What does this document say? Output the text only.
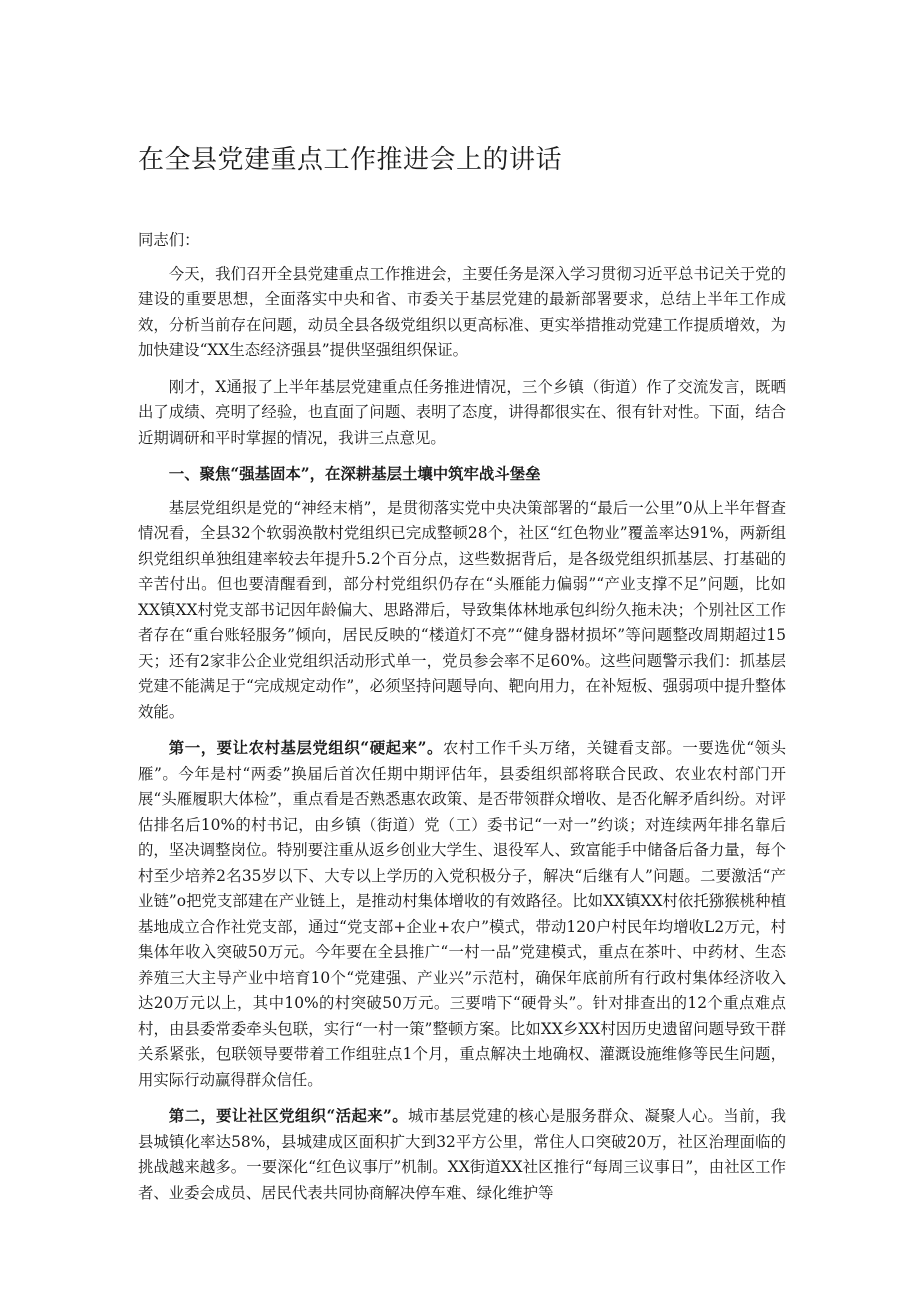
在全县党建重点工作推进会上的讲话

同志们：

今天，我们召开全县党建重点工作推进会，主要任务是深入学习贯彻习近平总书记关于党的建设的重要思想，全面落实中央和省、市委关于基层党建的最新部署要求，总结上半年工作成效，分析当前存在问题，动员全县各级党组织以更高标准、更实举措推动党建工作提质增效，为加快建设“XX生态经济强县”提供坚强组织保证。

刚才，X通报了上半年基层党建重点任务推进情况，三个乡镇（街道）作了交流发言，既晒出了成绩、亮明了经验，也直面了问题、表明了态度，讲得都很实在、很有针对性。下面，结合近期调研和平时掌握的情况，我讲三点意见。

一、聚焦“强基固本”，在深耕基层土壤中筑牢战斗堡垒

基层党组织是党的“神经末梢”，是贯彻落实党中央决策部署的“最后一公里”0从上半年督查情况看，全县32个软弱涣散村党组织已完成整顿28个，社区“红色物业”覆盖率达91%，两新组织党组织单独组建率较去年提升5.2个百分点，这些数据背后，是各级党组织抓基层、打基础的辛苦付出。但也要清醒看到，部分村党组织仍存在“头雁能力偏弱”“产业支撑不足”问题，比如XX镇XX村党支部书记因年龄偏大、思路滞后，导致集体林地承包纠纷久拖未决；个别社区工作者存在“重台账轻服务”倾向，居民反映的“楼道灯不亮”“健身器材损坏”等问题整改周期超过15天；还有2家非公企业党组织活动形式单一，党员参会率不足60%。这些问题警示我们：抓基层党建不能满足于“完成规定动作”，必须坚持问题导向、靶向用力，在补短板、强弱项中提升整体效能。

第一，要让农村基层党组织“硬起来”。农村工作千头万绪，关键看支部。一要选优“领头雁”。今年是村“两委”换届后首次任期中期评估年，县委组织部将联合民政、农业农村部门开展“头雁履职大体检”，重点看是否熟悉惠农政策、是否带领群众增收、是否化解矛盾纠纷。对评估排名后10%的村书记，由乡镇（街道）党（工）委书记“一对一”约谈；对连续两年排名靠后的，坚决调整岗位。特别要注重从返乡创业大学生、退役军人、致富能手中储备后备力量，每个村至少培养2名35岁以下、大专以上学历的入党积极分子，解决“后继有人”问题。二要激活“产业链”o把党支部建在产业链上，是推动村集体增收的有效路径。比如XX镇XX村依托猕猴桃种植基地成立合作社党支部，通过“党支部+企业+农户”模式，带动120户村民年均增收L2万元，村集体年收入突破50万元。今年要在全县推广“一村一品”党建模式，重点在茶叶、中药材、生态养殖三大主导产业中培育10个“党建强、产业兴”示范村，确保年底前所有行政村集体经济收入达20万元以上，其中10%的村突破50万元。三要啃下“硬骨头”。针对排查出的12个重点难点村，由县委常委牵头包联，实行“一村一策”整顿方案。比如XX乡XX村因历史遗留问题导致干群关系紧张，包联领导要带着工作组驻点1个月，重点解决土地确权、灌溉设施维修等民生问题，用实际行动赢得群众信任。

第二，要让社区党组织“活起来”。城市基层党建的核心是服务群众、凝聚人心。当前，我县城镇化率达58%，县城建成区面积扩大到32平方公里，常住人口突破20万，社区治理面临的挑战越来越多。一要深化“红色议事厅”机制。XX街道XX社区推行“每周三议事日”，由社区工作者、业委会成员、居民代表共同协商解决停车难、绿化维护等
